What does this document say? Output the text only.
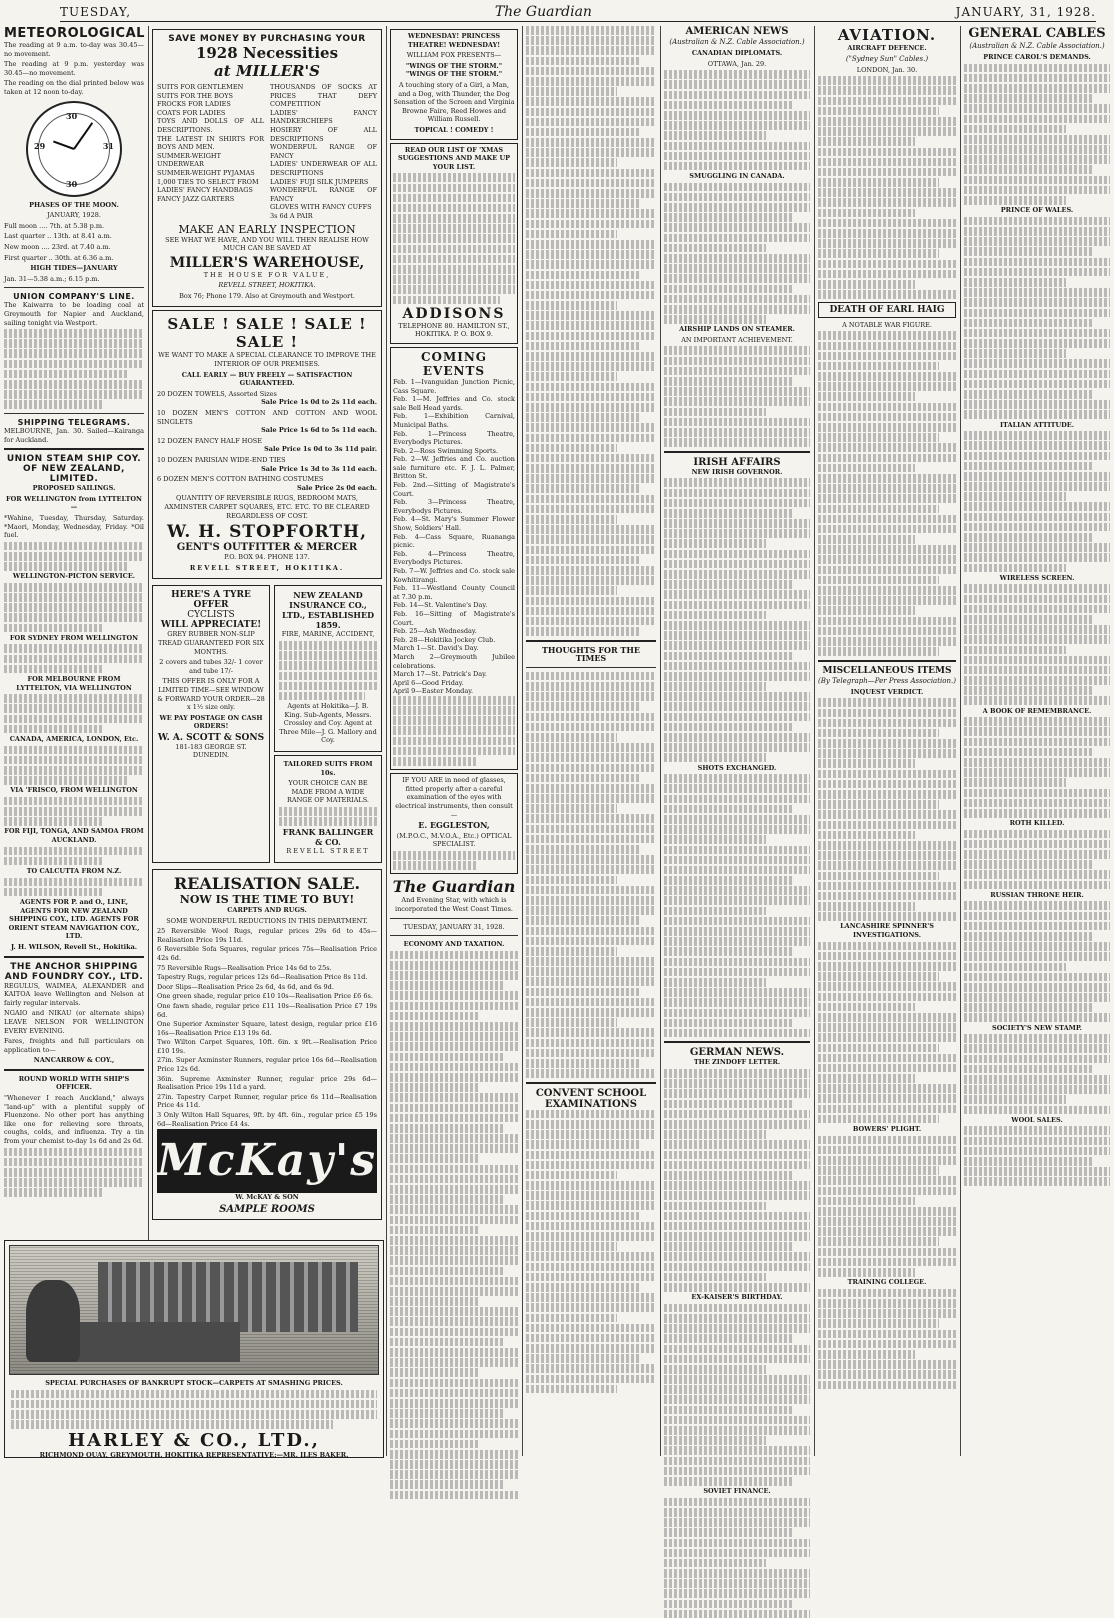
TUESDAY,	The Guardian	JANUARY, 31, 1928.
METEOROLOGICAL

The reading at 9 a.m. to-day was 30.45—no movement.

The reading at 9 p.m. yesterday was 30.45—no movement.

The reading on the dial printed below was taken at 12 noon to-day.

30
31
29
30
PHASES OF THE MOON.
JANUARY, 1928.

Full moon .... 7th. at 5.38 p.m.

Last quarter .. 13th. at 8.41 a.m.

New moon .... 23rd. at 7.40 a.m.

First quarter .. 30th. at 6.36 a.m.

HIGH TIDES—JANUARY

Jan. 31—5.38 a.m.; 6.15 p.m.

UNION COMPANY'S LINE.

The Kaiwarra to be loading coal at Greymouth for Napier and Auckland, sailing tonight via Westport.

SHIPPING TELEGRAMS.

MELBOURNE, Jan. 30. Sailed—Kairanga for Auckland.

UNION STEAM SHIP COY. OF NEW ZEALAND, LIMITED.
PROPOSED SAILINGS.
FOR WELLINGTON from LYTTELTON—

*Wahine, Tuesday, Thursday, Saturday. *Maori, Monday, Wednesday, Friday. *Oil fuel.

WELLINGTON-PICTON SERVICE.
FOR SYDNEY FROM WELLINGTON
FOR MELBOURNE FROM LYTTELTON, VIA WELLINGTON
CANADA, AMERICA, LONDON, Etc.
VIA 'FRISCO, FROM WELLINGTON
FOR FIJI, TONGA, AND SAMOA FROM AUCKLAND.
TO CALCUTTA FROM N.Z.

AGENTS FOR P. and O., LINE, AGENTS FOR NEW ZEALAND SHIPPING COY., LTD. AGENTS FOR ORIENT STEAM NAVIGATION COY., LTD.

J. H. WILSON, Revell St., Hokitika.
THE ANCHOR SHIPPING AND FOUNDRY COY., LTD.

REGULUS, WAIMEA, ALEXANDER and KAITOA leave Wellington and Nelson at fairly regular intervals.

NGAIO and NIKAU (or alternate ships) LEAVE NELSON FOR WELLINGTON EVERY EVENING.

Fares, freights and full particulars on application to—

NANCARROW & COY.,
ROUND WORLD WITH SHIP'S OFFICER.

"Whenever I reach Auckland," always "land-up" with a plentiful supply of Fluenzone. No other port has anything like one for relieving sore throats, coughs, colds, and influenza. Try a tin from your chemist to-day 1s 6d and 2s 6d.

SAVE MONEY BY PURCHASING YOUR
1928 Necessities
at MILLER'S

SUITS FOR GENTLEMEN

SUITS FOR THE BOYS

FROCKS FOR LADIES

COATS FOR LADIES

TOYS AND DOLLS OF ALL DESCRIPTIONS.

THE LATEST IN SHIRTS FOR BOYS AND MEN.

SUMMER-WEIGHT UNDERWEAR

SUMMER-WEIGHT PYJAMAS

1,000 TIES TO SELECT FROM

LADIES' FANCY HANDBAGS

FANCY JAZZ GARTERS

THOUSANDS OF SOCKS AT PRICES THAT DEFY COMPETITION

LADIES' FANCY HANDKERCHIEFS

HOSIERY OF ALL DESCRIPTIONS

WONDERFUL RANGE OF FANCY

LADIES' UNDERWEAR OF ALL DESCRIPTIONS

LADIES' FUJI SILK JUMPERS

WONDERFUL RANGE OF FANCY

GLOVES WITH FANCY CUFFS

3s 6d A PAIR

MAKE AN EARLY INSPECTION
SEE WHAT WE HAVE, AND YOU WILL THEN REALISE HOW MUCH CAN BE SAVED AT
MILLER'S WAREHOUSE,
THE HOUSE FOR VALUE,
REVELL STREET, HOKITIKA.
Box 76; Phone 179. Also at Greymouth and Westport.
SALE ! SALE ! SALE ! SALE !
WE WANT TO MAKE A SPECIAL CLEARANCE TO IMPROVE THE INTERIOR OF OUR PREMISES.
CALL EARLY — BUY FREELY — SATISFACTION GUARANTEED.
20 DOZEN TOWELS, Assorted Sizes
Sale Price 1s 0d to 2s 11d each.
10 DOZEN MEN'S COTTON AND COTTON AND WOOL SINGLETS
Sale Price 1s 6d to 5s 11d each.
12 DOZEN FANCY HALF HOSE
Sale Price 1s 0d to 3s 11d pair.
10 DOZEN PARISIAN WIDE-END TIES
Sale Price 1s 3d to 3s 11d each.
6 DOZEN MEN'S COTTON BATHING COSTUMES
Sale Price 2s 0d each.
QUANTITY OF REVERSIBLE RUGS, BEDROOM MATS, AXMINSTER CARPET SQUARES, ETC. ETC. TO BE CLEARED REGARDLESS OF COST.
W. H. STOPFORTH,
GENT'S OUTFITTER & MERCER
P.O. BOX 94. PHONE 137.
REVELL STREET, HOKITIKA.
HERE'S A TYRE OFFER
CYCLISTS
WILL APPRECIATE!

GREY RUBBER NON-SLIP TREAD GUARANTEED FOR SIX MONTHS.

2 covers and tubes 32/- 1 cover and tube 17/-

THIS OFFER IS ONLY FOR A LIMITED TIME—SEE WINDOW & FORWARD YOUR ORDER—28 x 1½ size only.

WE PAY POSTAGE ON CASH ORDERS!

W. A. SCOTT & SONS
181-183 GEORGE ST. DUNEDIN.
NEW ZEALAND INSURANCE CO., LTD., ESTABLISHED 1859.
FIRE, MARINE, ACCIDENT,

Agents at Hokitika—J. B. King. Sub-Agents, Messrs. Crossley and Coy. Agent at Three Mile—J. G. Mallory and Coy.

TAILORED SUITS FROM 10s.

YOUR CHOICE CAN BE MADE FROM A WIDE RANGE OF MATERIALS.

FRANK BALLINGER & CO.
REVELL STREET
REALISATION SALE.
NOW IS THE TIME TO BUY!
CARPETS AND RUGS.
SOME WONDERFUL REDUCTIONS IN THIS DEPARTMENT.

25 Reversible Wool Rugs, regular prices 29s 6d to 45s—Realisation Price 19s 11d.

6 Reversible Sofa Squares, regular prices 75s—Realisation Price 42s 6d.

75 Reversible Rugs—Realisation Price 14s 6d to 25s.

Tapestry Rugs, regular prices 12s 6d—Realisation Price 8s 11d.

Door Slips—Realisation Price 2s 6d, 4s 6d, and 6s 9d.

One green shade, regular price £10 10s—Realisation Price £6 6s.

One fawn shade, regular price £11 10s—Realisation Price £7 19s 6d.

One Superior Axminster Square, latest design, regular price £16 16s—Realisation Price £13 19s 6d.

Two Wilton Carpet Squares, 10ft. 6in. x 9ft.—Realisation Price £10 19s.

27in. Super Axminster Runners, regular price 16s 6d—Realisation Price 12s 6d.

36in. Supreme Axminster Runner, regular price 29s 6d—Realisation Price 19s 11d a yard.

27in. Tapestry Carpet Runner, regular price 6s 11d—Realisation Price 4s 11d.

3 Only Wilton Hall Squares, 9ft. by 4ft. 6in., regular price £5 19s 6d—Realisation Price £4 4s.

McKay's
W. McKAY & SON
SAMPLE ROOMS
WEDNESDAY! PRINCESS THEATRE! WEDNESDAY!
WILLIAM FOX PRESENTS—
"WINGS OF THE STORM." "WINGS OF THE STORM."

A touching story of a Girl, a Man, and a Dog, with Thunder, the Dog Sensation of the Screen and Virginia Browne Faire, Reed Howes and William Russell.

TOPICAL ! COMEDY !
READ OUR LIST OF 'XMAS SUGGESTIONS AND MAKE UP YOUR LIST.
ADDISONS
TELEPHONE 80. HAMILTON ST., HOKITIKA. P. O. BOX 9.
COMING EVENTS

Feb. 1—Ivanguidan Junction Picnic, Cass Square.

Feb. 1—M. Jeffries and Co. stock sale Bell Head yards.

Feb. 1—Exhibition Carnival, Municipal Baths.

Feb. 1—Princess Theatre, Everybodys Pictures.

Feb. 2—Ross Swimming Sports.

Feb. 2—W. Jeffries and Co. auction sale furniture etc. F. J. L. Palmer, Britton St.

Feb. 2nd.—Sitting of Magistrate's Court.

Feb. 3—Princess Theatre, Everybodys Pictures.

Feb. 4—St. Mary's Summer Flower Show, Soldiers' Hall.

Feb. 4—Cass Square, Ruananga picnic.

Feb. 4—Princess Theatre, Everybodys Pictures.

Feb. 7—W. Jeffries and Co. stock sale Kowhitirangi.

Feb. 11—Westland County Council at 7.30 p.m.

Feb. 14—St. Valentine's Day.

Feb. 16—Sitting of Magistrate's Court.

Feb. 25—Ash Wednesday.

Feb. 28—Hokitika Jockey Club.

March 1—St. David's Day.

March 2—Greymouth Jubilee celebrations.

March 17—St. Patrick's Day.

April 6—Good Friday.

April 9—Easter Monday.

IF YOU ARE in need of glasses, fitted properly after a careful examination of the eyes with electrical instruments, then consult—

E. EGGLESTON,
(M.P.O.C., M.V.O.A., Etc.) OPTICAL SPECIALIST.
The Guardian
And Evening Star, with which is incorporated the West Coast Times.
TUESDAY, JANUARY 31, 1928.
ECONOMY AND TAXATION.
THOUGHTS FOR THE TIMES
CONVENT SCHOOL EXAMINATIONS
AMERICAN NEWS
(Australian & N.Z. Cable Association.)
CANADIAN DIPLOMATS.
OTTAWA, Jan. 29.
SMUGGLING IN CANADA.
AIRSHIP LANDS ON STEAMER.
AN IMPORTANT ACHIEVEMENT.
IRISH AFFAIRS
NEW IRISH GOVERNOR.
SHOTS EXCHANGED.
GERMAN NEWS.
THE ZINDOFF LETTER.
EX-KAISER'S BIRTHDAY.
SOVIET FINANCE.
AVIATION.
AIRCRAFT DEFENCE.
("Sydney Sun" Cables.)
LONDON, Jan. 30.
DEATH OF EARL HAIG
A NOTABLE WAR FIGURE.
MISCELLANEOUS ITEMS
(By Telegraph—Per Press Association.)
INQUEST VERDICT.
LANCASHIRE SPINNER'S INVESTIGATIONS.
BOWERS' PLIGHT.
TRAINING COLLEGE.
GENERAL CABLES
(Australian & N.Z. Cable Association.)
PRINCE CAROL'S DEMANDS.
PRINCE OF WALES.
ITALIAN ATTITUDE.
WIRELESS SCREEN.
A BOOK OF REMEMBRANCE.
ROTH KILLED.
RUSSIAN THRONE HEIR.
SOCIETY'S NEW STAMP.
WOOL SALES.
SPECIAL PURCHASES OF BANKRUPT STOCK—CARPETS AT SMASHING PRICES.
HARLEY & CO., LTD.,
RICHMOND QUAY, GREYMOUTH. HOKITIKA REPRESENTATIVE:—MR. ILES BAKER.
